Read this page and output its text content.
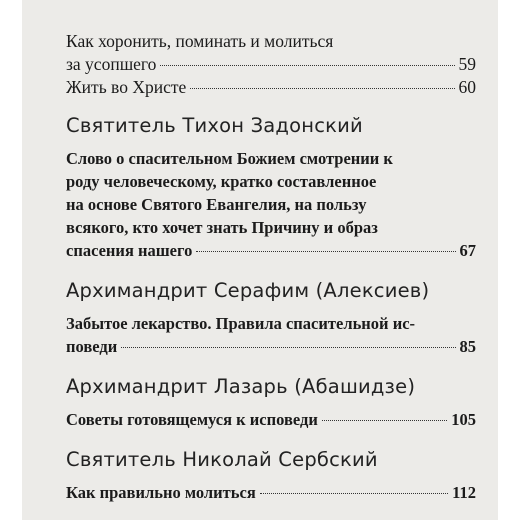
Как хоронить, поминать и молиться
за усопшего	59
Жить во Христе	60
Святитель Тихон Задонский
Слово о спасительном Божием смотрении к
роду человеческому, кратко составленное
на основе Святого Евангелия, на пользу
всякого, кто хочет знать Причину и образ
спасения нашего	67
Архимандрит Серафим (Алексиев)
Забытое лекарство. Правила спасительной ис-
поведи	85
Архимандрит Лазарь (Абашидзе)
Советы готовящемуся к исповеди	105
Святитель Николай Сербский
Как правильно молиться	112
